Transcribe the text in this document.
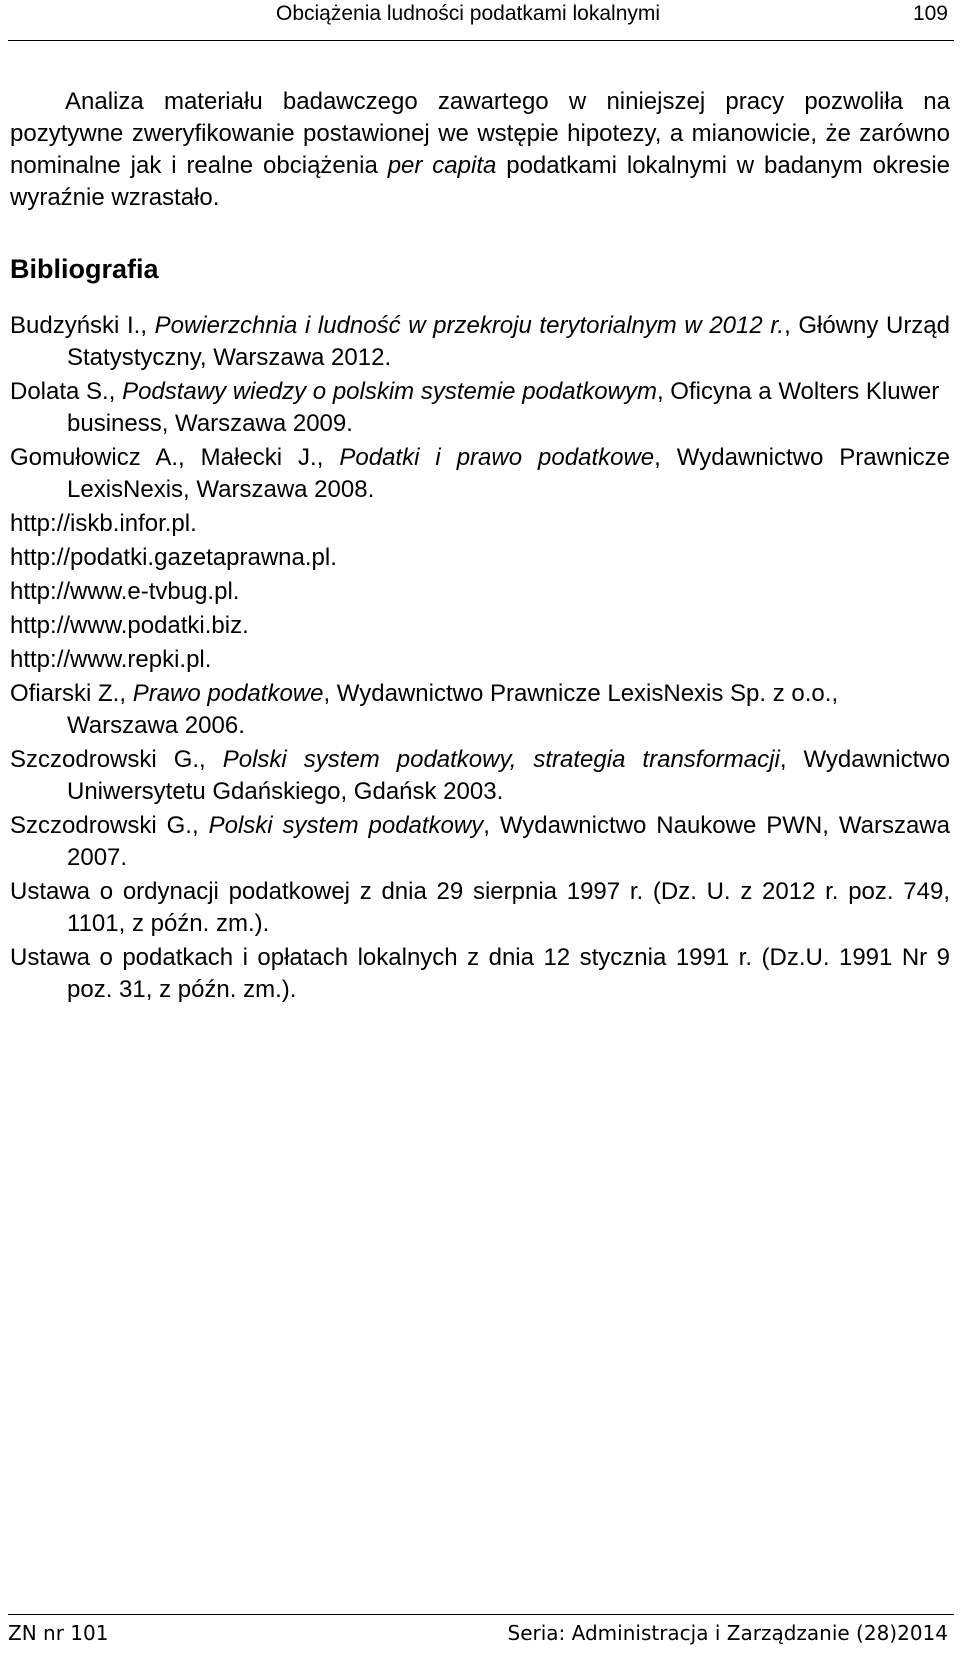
Obciążenia ludności podatkami lokalnymi	109

Analiza materiału badawczego zawartego w niniejszej pracy pozwoliła na pozytywne zweryfikowanie postawionej we wstępie hipotezy, a mianowicie, że zarówno nominalne jak i realne obciążenia per capita podatkami lokalnymi w badanym okresie wyraźnie wzrastało.

Bibliografia

Budzyński I., Powierzchnia i ludność w przekroju terytorialnym w 2012 r., Główny Urząd Statystyczny, Warszawa 2012.

Dolata S., Podstawy wiedzy o polskim systemie podatkowym, Oficyna a Wolters Kluwer business, Warszawa 2009.

Gomułowicz A., Małecki J., Podatki i prawo podatkowe, Wydawnictwo Prawnicze LexisNexis, Warszawa 2008.

http://iskb.infor.pl.

http://podatki.gazetaprawna.pl.

http://www.e-tvbug.pl.

http://www.podatki.biz.

http://www.repki.pl.

Ofiarski Z., Prawo podatkowe, Wydawnictwo Prawnicze LexisNexis Sp. z o.o., Warszawa 2006.

Szczodrowski G., Polski system podatkowy, strategia transformacji, Wydawnictwo Uniwersytetu Gdańskiego, Gdańsk 2003.

Szczodrowski G., Polski system podatkowy, Wydawnictwo Naukowe PWN, Warszawa 2007.

Ustawa o ordynacji podatkowej z dnia 29 sierpnia 1997 r. (Dz. U. z 2012 r. poz. 749, 1101, z późn. zm.).

Ustawa o podatkach i opłatach lokalnych z dnia 12 stycznia 1991 r. (Dz.U. 1991 Nr 9 poz. 31, z późn. zm.).

ZN nr 101	Seria: Administracja i Zarządzanie (28)2014
